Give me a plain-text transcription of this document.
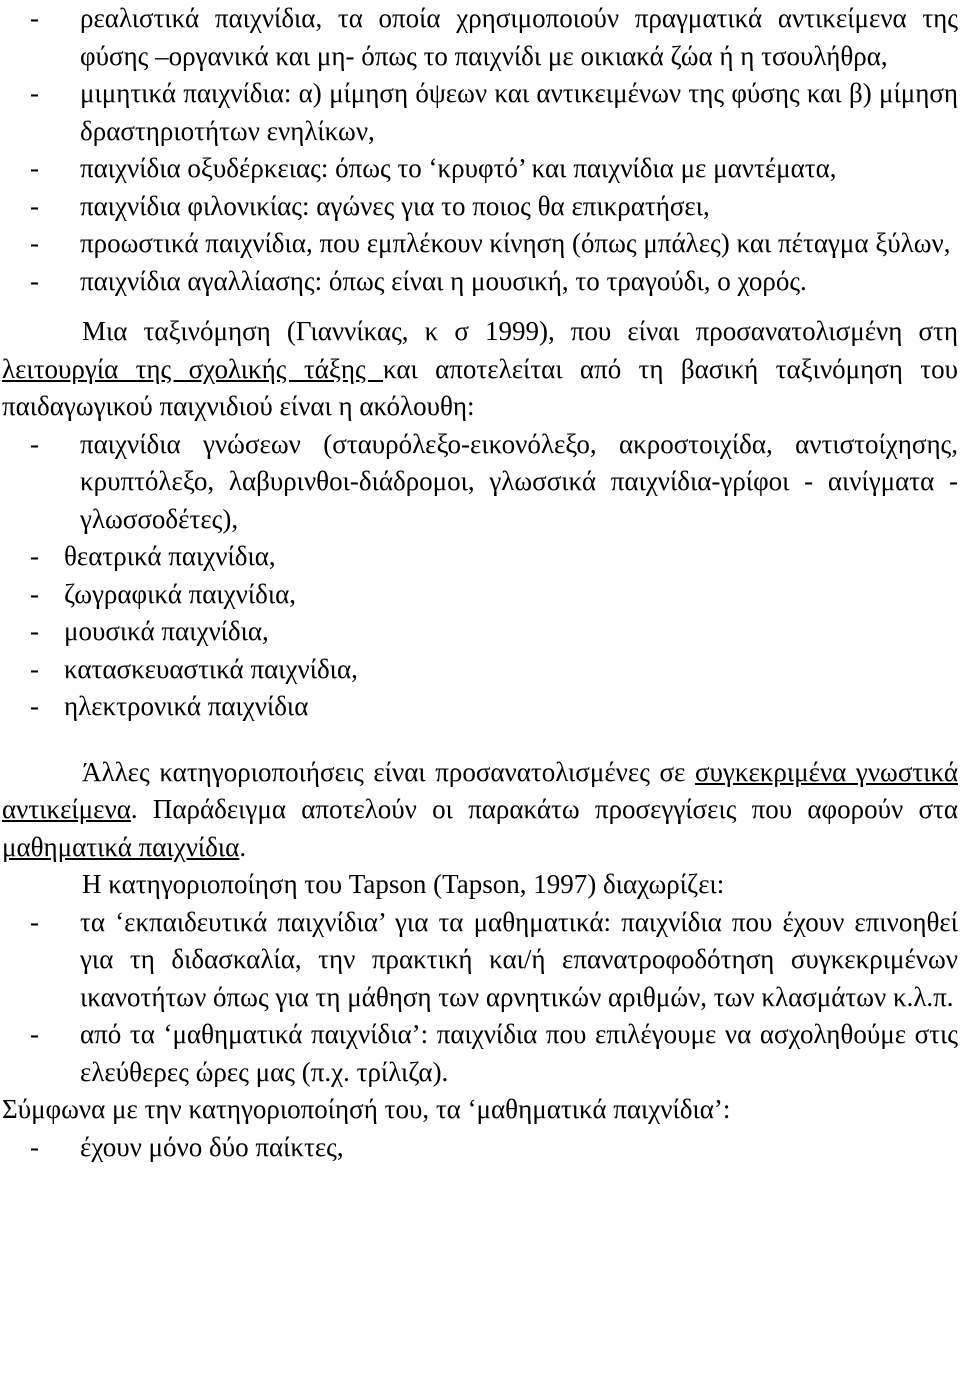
- ρεαλιστικά παιχνίδια, τα οποία χρησιμοποιούν πραγματικά αντικείμενα της φύσης –οργανικά και μη- όπως το παιχνίδι με οικιακά ζώα ή η τσουλήθρα,
- μιμητικά παιχνίδια: α) μίμηση όψεων και αντικειμένων της φύσης και β) μίμηση δραστηριοτήτων ενηλίκων,
- παιχνίδια οξυδέρκειας: όπως το ‘κρυφτό’ και παιχνίδια με μαντέματα,
- παιχνίδια φιλονικίας: αγώνες για το ποιος θα επικρατήσει,
- προωστικά παιχνίδια, που εμπλέκουν κίνηση (όπως μπάλες) και πέταγμα ξύλων,
- παιχνίδια αγαλλίασης: όπως είναι η μουσική, το τραγούδι, ο χορός.

Μια ταξινόμηση (Γιαννίκας, κ σ 1999), που είναι προσανατολισμένη στη λειτουργία της σχολικής τάξης και αποτελείται από τη βασική ταξινόμηση του παιδαγωγικού παιχνιδιού είναι η ακόλουθη:

- παιχνίδια γνώσεων (σταυρόλεξο-εικονόλεξο, ακροστοιχίδα, αντιστοίχησης, κρυπτόλεξο, λαβυρινθοι-διάδρομοι, γλωσσικά παιχνίδια-γρίφοι - αινίγματα - γλωσσοδέτες),
- θεατρικά παιχνίδια,
- ζωγραφικά παιχνίδια,
- μουσικά παιχνίδια,
- κατασκευαστικά παιχνίδια,
- ηλεκτρονικά παιχνίδια

Άλλες κατηγοριοποιήσεις είναι προσανατολισμένες σε συγκεκριμένα γνωστικά αντικείμενα. Παράδειγμα αποτελούν οι παρακάτω προσεγγίσεις που αφορούν στα μαθηματικά παιχνίδια.

Η κατηγοριοποίηση του Tapson (Tapson, 1997) διαχωρίζει:

- τα ‘εκπαιδευτικά παιχνίδια’ για τα μαθηματικά: παιχνίδια που έχουν επινοηθεί για τη διδασκαλία, την πρακτική και/ή επανατροφοδότηση συγκεκριμένων ικανοτήτων όπως για τη μάθηση των αρνητικών αριθμών, των κλασμάτων κ.λ.π.
- από τα ‘μαθηματικά παιχνίδια’: παιχνίδια που επιλέγουμε να ασχοληθούμε στις ελεύθερες ώρες μας (π.χ. τρίλιζα).

Σύμφωνα με την κατηγοριοποίησή του, τα ‘μαθηματικά παιχνίδια’:

- έχουν μόνο δύο παίκτες,
